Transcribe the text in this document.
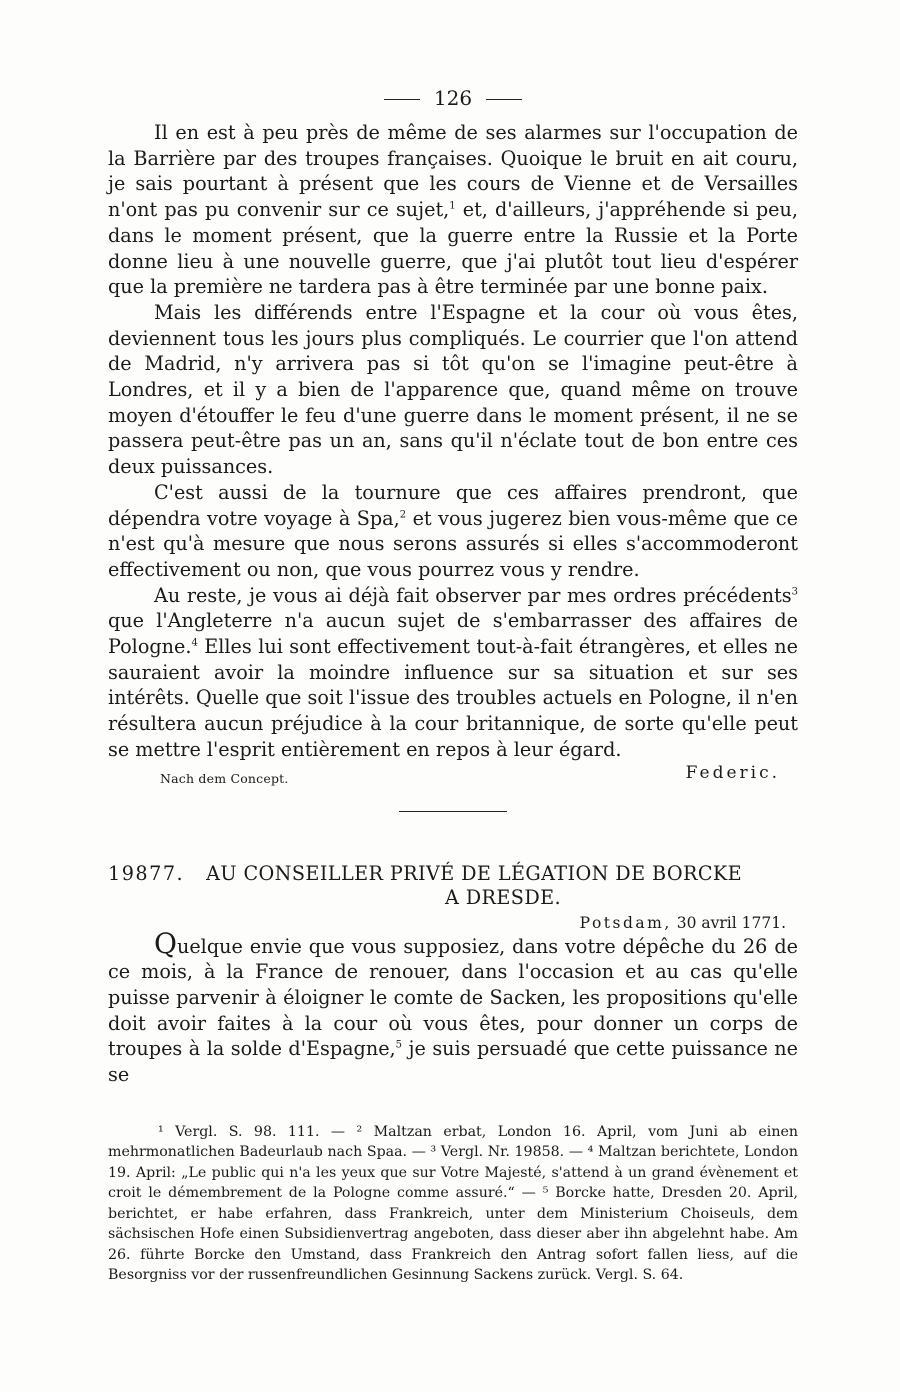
126

Il en est à peu près de même de ses alarmes sur l'occupation de la Barrière par des troupes françaises. Quoique le bruit en ait couru, je sais pourtant à présent que les cours de Vienne et de Versailles n'ont pas pu convenir sur ce sujet,$^1$ et, d'ailleurs, j'appréhende si peu, dans le moment présent, que la guerre entre la Russie et la Porte donne lieu à une nouvelle guerre, que j'ai plutôt tout lieu d'espérer que la première ne tardera pas à être terminée par une bonne paix.

Mais les différends entre l'Espagne et la cour où vous êtes, deviennent tous les jours plus compliqués. Le courrier que l'on attend de Madrid, n'y arrivera pas si tôt qu'on se l'imagine peut-être à Londres, et il y a bien de l'apparence que, quand même on trouve moyen d'étouffer le feu d'une guerre dans le moment présent, il ne se passera peut-être pas un an, sans qu'il n'éclate tout de bon entre ces deux puissances.

C'est aussi de la tournure que ces affaires prendront, que dépendra votre voyage à Spa,$^2$ et vous jugerez bien vous-même que ce n'est qu'à mesure que nous serons assurés si elles s'accommoderont effectivement ou non, que vous pourrez vous y rendre.

Au reste, je vous ai déjà fait observer par mes ordres précédents$^3$ que l'Angleterre n'a aucun sujet de s'embarrasser des affaires de Pologne.$^4$ Elles lui sont effectivement tout-à-fait étrangères, et elles ne sauraient avoir la moindre influence sur sa situation et sur ses intérêts. Quelle que soit l'issue des troubles actuels en Pologne, il n'en résultera aucun préjudice à la cour britannique, de sorte qu'elle peut se mettre l'esprit entièrement en repos à leur égard.

Nach dem Concept.	Federic.
19877. AU CONSEILLER PRIVÉ DE LÉGATION DE BORCKE
A DRESDE.
Potsdam, 30 avril 1771.

Quelque envie que vous supposiez, dans votre dépêche du 26 de ce mois, à la France de renouer, dans l'occasion et au cas qu'elle puisse parvenir à éloigner le comte de Sacken, les propositions qu'elle doit avoir faites à la cour où vous êtes, pour donner un corps de troupes à la solde d'Espagne,$^5$ je suis persuadé que cette puissance ne se

¹ Vergl. S. 98. 111. — ² Maltzan erbat, London 16. April, vom Juni ab einen mehrmonatlichen Badeurlaub nach Spaa. — ³ Vergl. Nr. 19858. — ⁴ Maltzan berichtete, London 19. April: „Le public qui n'a les yeux que sur Votre Majesté, s'attend à un grand évènement et croit le démembrement de la Pologne comme assuré.“ — ⁵ Borcke hatte, Dresden 20. April, berichtet, er habe erfahren, dass Frankreich, unter dem Ministerium Choiseuls, dem sächsischen Hofe einen Subsidienvertrag angeboten, dass dieser aber ihn abgelehnt habe. Am 26. führte Borcke den Umstand, dass Frankreich den Antrag sofort fallen liess, auf die Besorgniss vor der russenfreundlichen Gesinnung Sackens zurück. Vergl. S. 64.
